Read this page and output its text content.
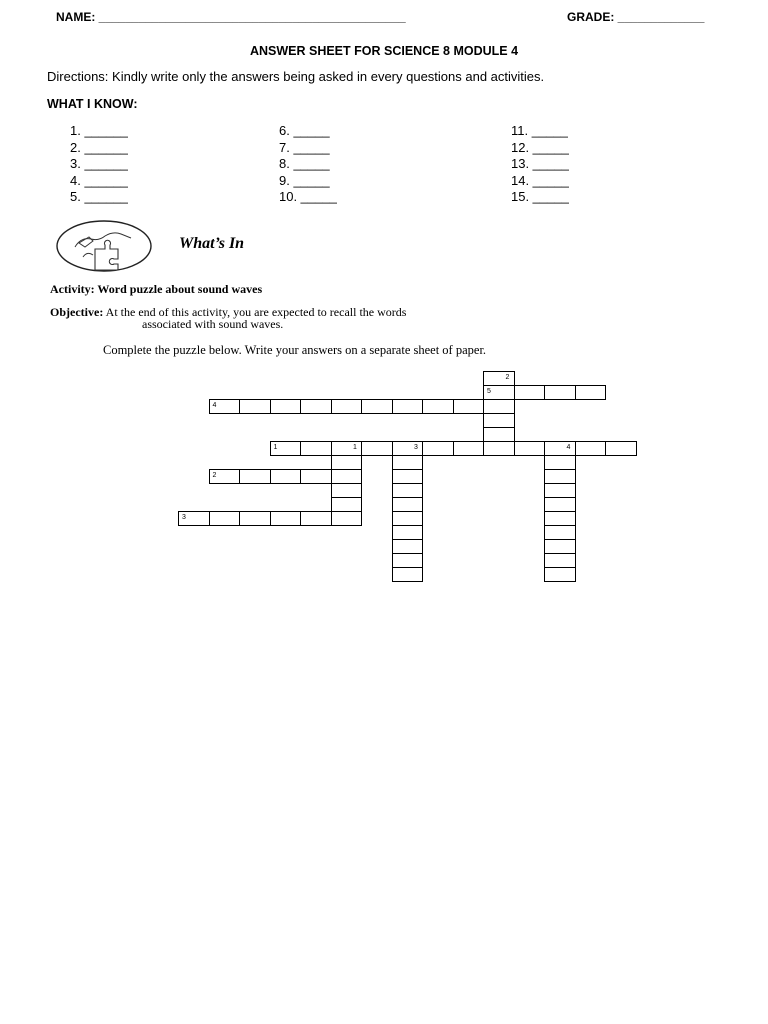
NAME: ______________________________________________	GRADE: _____________
ANSWER SHEET FOR SCIENCE 8 MODULE 4
Directions: Kindly write only the answers being asked in every questions and activities.
WHAT I KNOW:
1. ______
2. ______
3. ______
4. ______
5. ______
6. _____
7. _____
8. _____
9. _____
10. _____
11. _____
12. _____
13. _____
14. _____
15. _____
What’s In
Activity: Word puzzle about sound waves
Objective: At the end of this activity, you are expected to recall the words
associated with sound waves.
Complete the puzzle below. Write your answers on a separate sheet of paper.
4
5
1
2
3
2
1	3	4
